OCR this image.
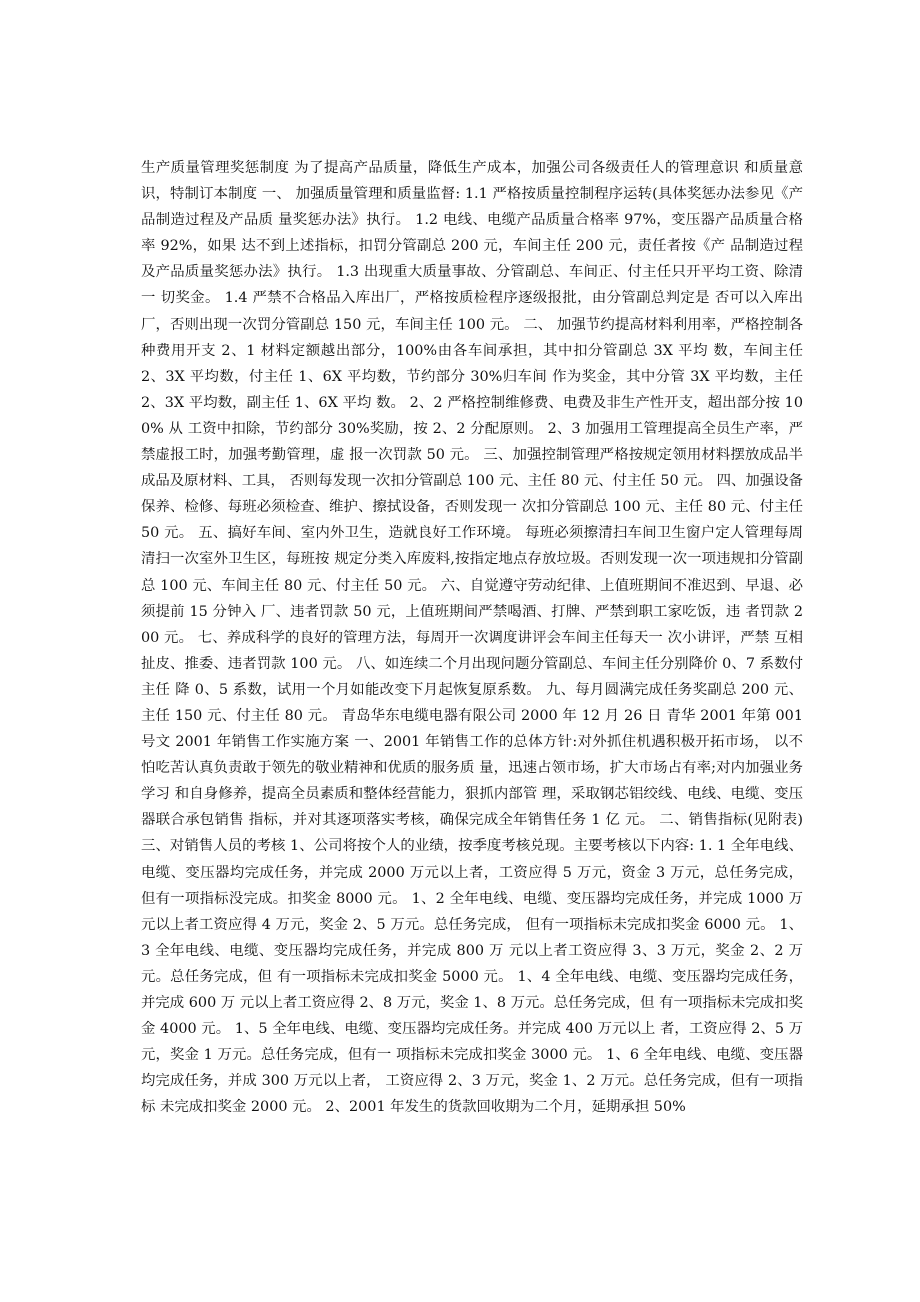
生产质量管理奖惩制度 为了提高产品质量，降低生产成本，加强公司各级责任人的管理意识 和质量意识，特制订本制度 一、 加强质量管理和质量监督: 1.1 严格按质量控制程序运转(具体奖惩办法参见《产品制造过程及产品质 量奖惩办法》执行。 1.2 电线、电缆产品质量合格率 97%，变压器产品质量合格率 92%，如果 达不到上述指标，扣罚分管副总 200 元，车间主任 200 元，责任者按《产 品制造过程及产品质量奖惩办法》执行。 1.3 出现重大质量事故、分管副总、车间正、付主任只开平均工资、除清一 切奖金。 1.4 严禁不合格品入库出厂，严格按质检程序逐级报批，由分管副总判定是 否可以入库出厂，否则出现一次罚分管副总 150 元，车间主任 100 元。 二、 加强节约提高材料利用率，严格控制各种费用开支 2、1 材料定额越出部分，100%由各车间承担，其中扣分管副总 3X 平均 数，车间主任 2、3X 平均数，付主任 1、6X 平均数，节约部分 30%归车间 作为奖金，其中分管 3X 平均数，主任 2、3X 平均数，副主任 1、6X 平均 数。 2、2 严格控制维修费、电费及非生产性开支，超出部分按 100% 从 工资中扣除，节约部分 30%奖励，按 2、2 分配原则。 2、3 加强用工管理提高全员生产率，严禁虚报工时，加强考勤管理，虚 报一次罚款 50 元。 三、加强控制管理严格按规定领用材料摆放成品半成品及原材料、工具， 否则每发现一次扣分管副总 100 元、主任 80 元、付主任 50 元。 四、加强设备保养、检修、每班必须检查、维护、擦拭设备，否则发现一 次扣分管副总 100 元、主任 80 元、付主任 50 元。 五、搞好车间、室内外卫生，造就良好工作环境。 每班必须擦清扫车间卫生窗户定人管理每周清扫一次室外卫生区，每班按 规定分类入库废料,按指定地点存放垃圾。否则发现一次一项违规扣分管副 总 100 元、车间主任 80 元、付主任 50 元。 六、自觉遵守劳动纪律、上值班期间不准迟到、早退、必须提前 15 分钟入 厂、违者罚款 50 元，上值班期间严禁喝酒、打牌、严禁到职工家吃饭，违 者罚款 200 元。 七、养成科学的良好的管理方法，每周开一次调度讲评会车间主任每天一 次小讲评，严禁 互相扯皮、推委、违者罚款 100 元。 八、如连续二个月出现问题分管副总、车间主任分别降价 0、7 系数付主任 降 0、5 系数，试用一个月如能改变下月起恢复原系数。 九、每月圆满完成任务奖副总 200 元、主任 150 元、付主任 80 元。 青岛华东电缆电器有限公司 2000 年 12 月 26 日 青华 2001 年第 001 号文 2001 年销售工作实施方案 一、2001 年销售工作的总体方针:对外抓住机遇积极开拓市场， 以不怕吃苦认真负责敢于领先的敬业精神和优质的服务质 量，迅速占领市场，扩大市场占有率;对内加强业务学习 和自身修养，提高全员素质和整体经营能力，狠抓内部管 理，采取钢芯铝绞线、电线、电缆、变压器联合承包销售 指标，并对其逐项落实考核，确保完成全年销售任务 1 亿 元。 二、销售指标(见附表) 三、对销售人员的考核 1、公司将按个人的业绩，按季度考核兑现。主要考核以下内容: 1. 1 全年电线、电缆、变压器均完成任务，并完成 2000 万元以上者，工资应得 5 万元，资金 3 万元，总任务完成， 但有一项指标没完成。扣奖金 8000 元。 1、2 全年电线、电缆、变压器均完成任务，并完成 1000 万元以上者工资应得 4 万元，奖金 2、5 万元。总任务完成， 但有一项指标未完成扣奖金 6000 元。 1、3 全年电线、电缆、变压器均完成任务，并完成 800 万 元以上者工资应得 3、3 万元，奖金 2、2 万元。总任务完成，但 有一项指标未完成扣奖金 5000 元。 1、4 全年电线、电缆、变压器均完成任务，并完成 600 万 元以上者工资应得 2、8 万元，奖金 1、8 万元。总任务完成，但 有一项指标未完成扣奖金 4000 元。 1、5 全年电线、电缆、变压器均完成任务。并完成 400 万元以上 者，工资应得 2、5 万元，奖金 1 万元。总任务完成，但有一 项指标未完成扣奖金 3000 元。 1、6 全年电线、电缆、变压器均完成任务，并成 300 万元以上者， 工资应得 2、3 万元，奖金 1、2 万元。总任务完成，但有一项指标 未完成扣奖金 2000 元。 2、2001 年发生的货款回收期为二个月，延期承担 50%
